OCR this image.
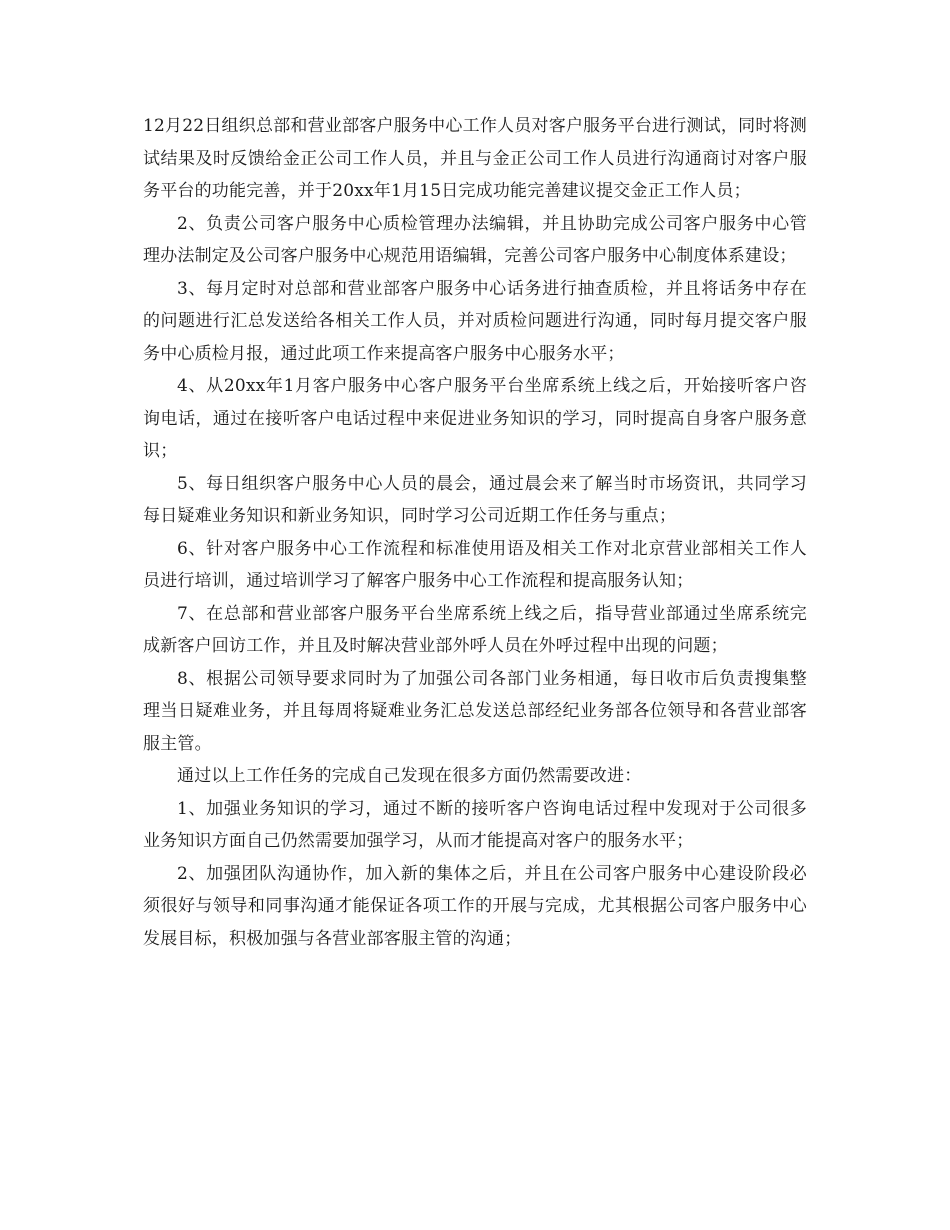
12月22日组织总部和营业部客户服务中心工作人员对客户服务平台进行测试，同时将测试结果及时反馈给金正公司工作人员，并且与金正公司工作人员进行沟通商讨对客户服务平台的功能完善，并于20xx年1月15日完成功能完善建议提交金正工作人员；

2、负责公司客户服务中心质检管理办法编辑，并且协助完成公司客户服务中心管理办法制定及公司客户服务中心规范用语编辑，完善公司客户服务中心制度体系建设；

3、每月定时对总部和营业部客户服务中心话务进行抽查质检，并且将话务中存在的问题进行汇总发送给各相关工作人员，并对质检问题进行沟通，同时每月提交客户服务中心质检月报，通过此项工作来提高客户服务中心服务水平；

4、从20xx年1月客户服务中心客户服务平台坐席系统上线之后，开始接听客户咨询电话，通过在接听客户电话过程中来促进业务知识的学习，同时提高自身客户服务意识；

5、每日组织客户服务中心人员的晨会，通过晨会来了解当时市场资讯，共同学习每日疑难业务知识和新业务知识，同时学习公司近期工作任务与重点；

6、针对客户服务中心工作流程和标准使用语及相关工作对北京营业部相关工作人员进行培训，通过培训学习了解客户服务中心工作流程和提高服务认知；

7、在总部和营业部客户服务平台坐席系统上线之后，指导营业部通过坐席系统完成新客户回访工作，并且及时解决营业部外呼人员在外呼过程中出现的问题；

8、根据公司领导要求同时为了加强公司各部门业务相通，每日收市后负责搜集整理当日疑难业务，并且每周将疑难业务汇总发送总部经纪业务部各位领导和各营业部客服主管。

通过以上工作任务的完成自己发现在很多方面仍然需要改进：

1、加强业务知识的学习，通过不断的接听客户咨询电话过程中发现对于公司很多业务知识方面自己仍然需要加强学习，从而才能提高对客户的服务水平；

2、加强团队沟通协作，加入新的集体之后，并且在公司客户服务中心建设阶段必须很好与领导和同事沟通才能保证各项工作的开展与完成，尤其根据公司客户服务中心发展目标，积极加强与各营业部客服主管的沟通；
